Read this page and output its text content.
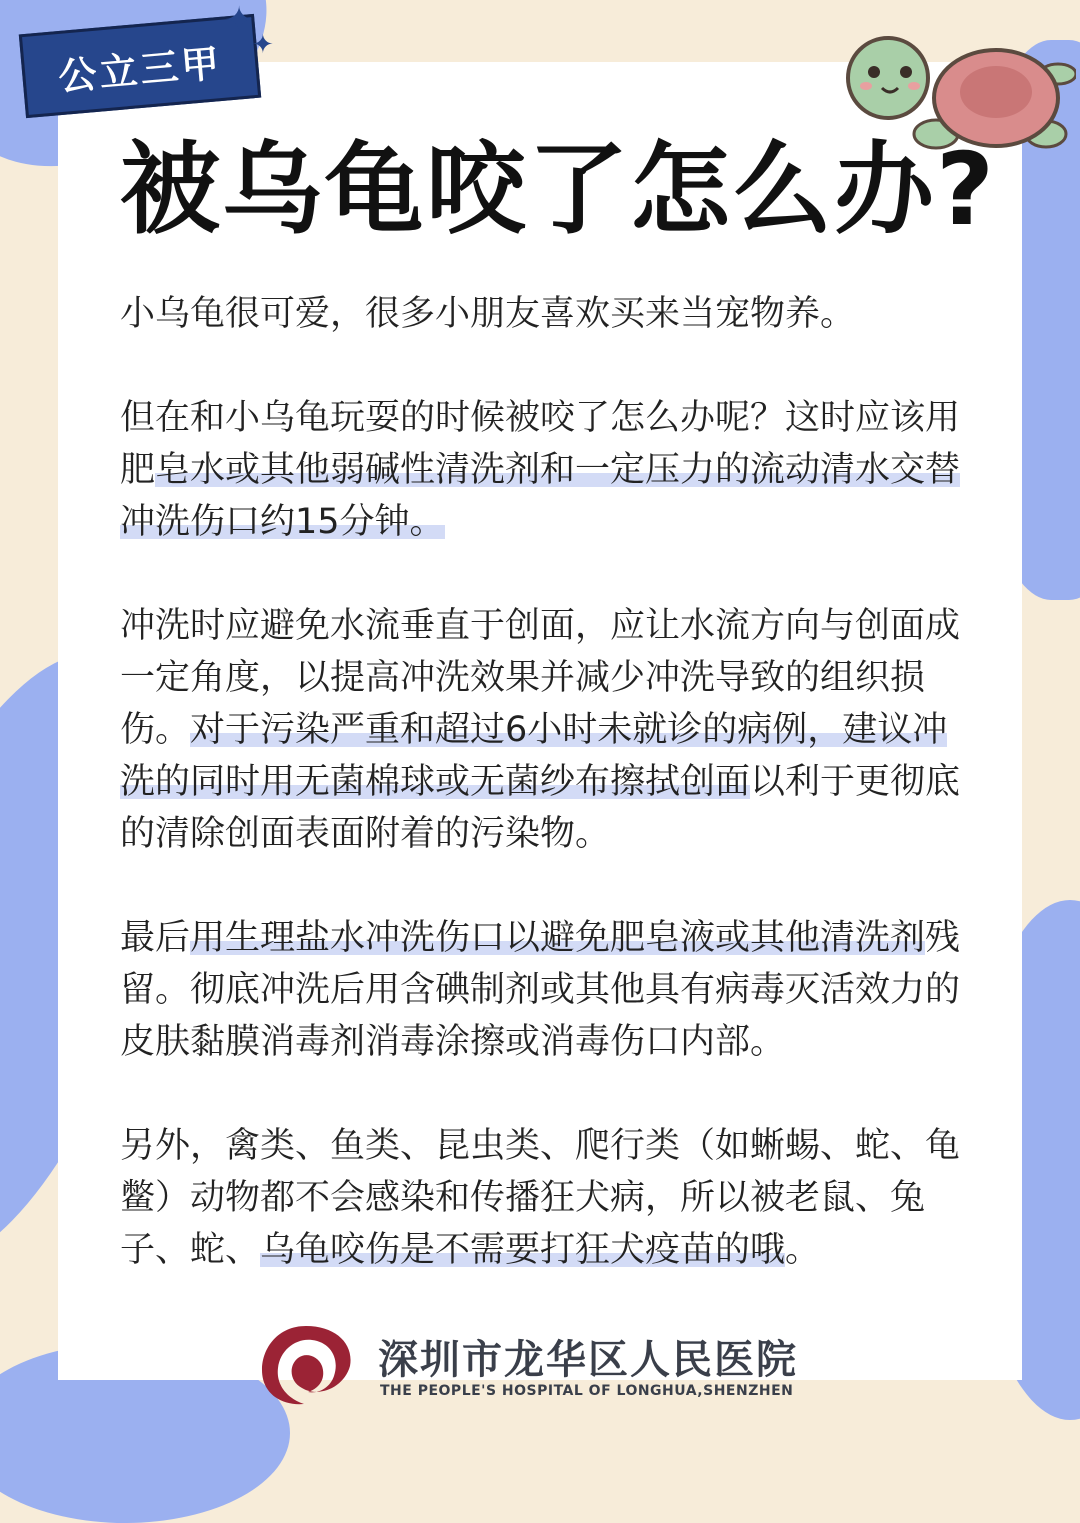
公立三甲
✦
✦
被乌龟咬了怎么办?

小乌龟很可爱，很多小朋友喜欢买来当宠物养。

但在和小乌龟玩耍的时候被咬了怎么办呢？这时应该用肥皂水或其他弱碱性清洗剂和一定压力的流动清水交替冲洗伤口约15分钟。

冲洗时应避免水流垂直于创面，应让水流方向与创面成一定角度，以提高冲洗效果并减少冲洗导致的组织损伤。对于污染严重和超过6小时未就诊的病例，建议冲洗的同时用无菌棉球或无菌纱布擦拭创面以利于更彻底的清除创面表面附着的污染物。

最后用生理盐水冲洗伤口以避免肥皂液或其他清洗剂残留。彻底冲洗后用含碘制剂或其他具有病毒灭活效力的皮肤黏膜消毒剂消毒涂擦或消毒伤口内部。

另外，禽类、鱼类、昆虫类、爬行类（如蜥蜴、蛇、龟鳖）动物都不会感染和传播狂犬病，所以被老鼠、兔子、蛇、乌龟咬伤是不需要打狂犬疫苗的哦。

深圳市龙华区人民医院
THE PEOPLE'S HOSPITAL OF LONGHUA,SHENZHEN
